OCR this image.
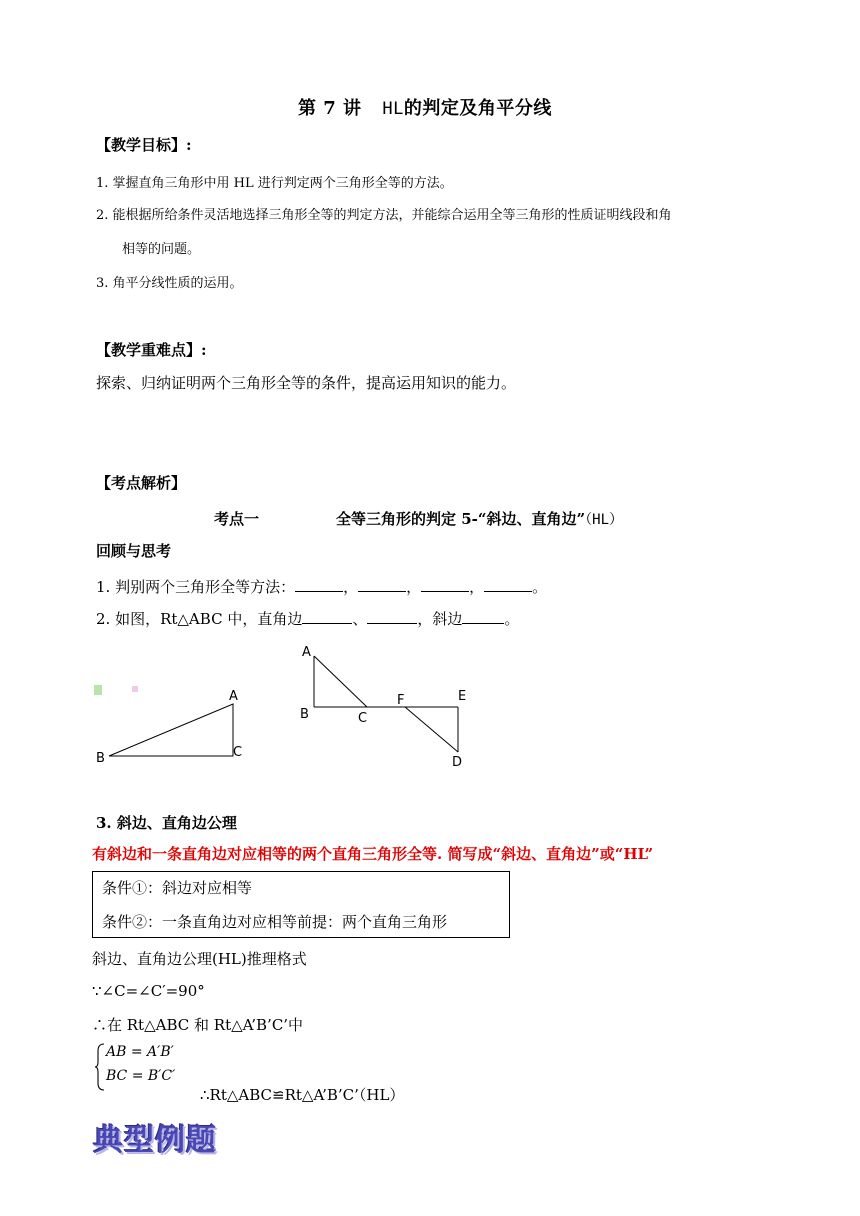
第 7 讲 HL的判定及角平分线
【教学目标】:
1. 掌握直角三角形中用 HL 进行判定两个三角形全等的方法。
2. 能根据所给条件灵活地选择三角形全等的判定方法，并能综合运用全等三角形的性质证明线段和角
相等的问题。
3. 角平分线性质的运用。
【教学重难点】:
探索、归纳证明两个三角形全等的条件，提高运用知识的能力。
【考点解析】
考点一	全等三角形的判定 5-“斜边、直角边”（HL）
回顾与思考
1. 判别两个三角形全等方法：	，	，	，	。
2. 如图，Rt△ABC 中，直角边	、	，斜边	。
A
B	C
A
B	C
F	E
D
3. 斜边、直角边公理
有斜边和一条直角边对应相等的两个直角三角形全等. 简写成“斜边、直角边”或“HL”
条件①：斜边对应相等
条件②：一条直角边对应相等前提：两个直角三角形
斜边、直角边公理(HL)推理格式
∵∠C=∠C′=90°
∴在 Rt△ABC 和 Rt△A’B’C’中
AB = A′B′
BC = B′C′
∴Rt△ABC≌Rt△A’B’C’（HL）
典型例题
